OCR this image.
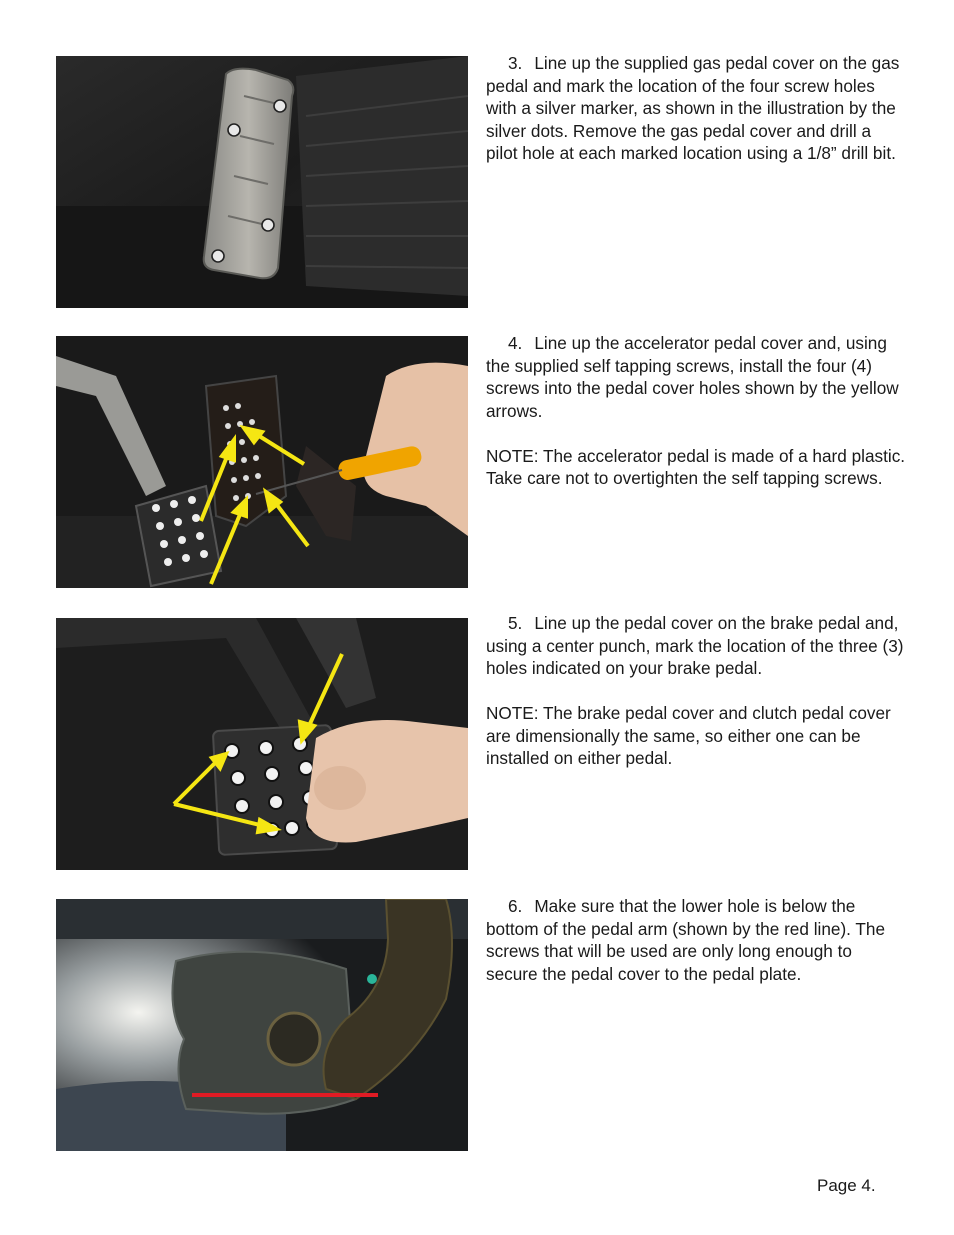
3. Line up the supplied gas pedal cover on the gas pedal and mark the location of the four screw holes with a silver marker, as shown in the illustration by the silver dots. Remove the gas pedal cover and drill a pilot hole at each marked location using a 1/8” drill bit.

4. Line up the accelerator pedal cover and, using the supplied self tapping screws, install the four (4) screws into the pedal cover holes shown by the yellow arrows.

NOTE: The accelerator pedal is made of a hard plastic. Take care not to overtighten the self tapping screws.

5. Line up the pedal cover on the brake pedal and, using a center punch, mark the location of the three (3) holes indicated on your brake pedal.

NOTE: The brake pedal cover and clutch pedal cover are dimensionally the same, so either one can be installed on either pedal.

6. Make sure that the lower hole is below the bottom of the pedal arm (shown by the red line). The screws that will be used are only long enough to secure the pedal cover to the pedal plate.

Page 4.
